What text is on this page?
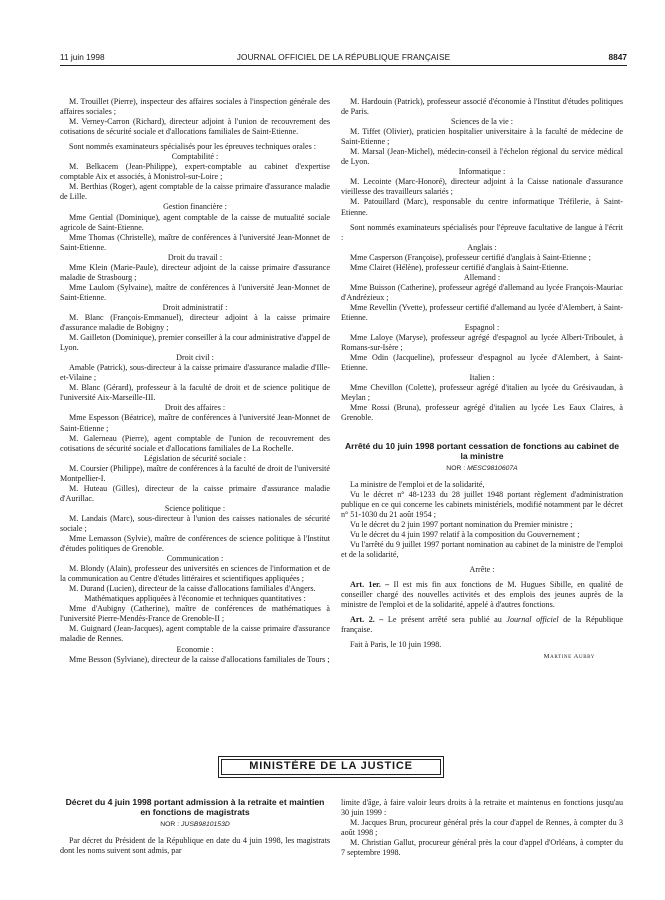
11 juin 1998	JOURNAL OFFICIEL DE LA RÉPUBLIQUE FRANÇAISE	8847

M. Trouillet (Pierre), inspecteur des affaires sociales à l'inspection générale des affaires sociales ;

M. Verney-Carron (Richard), directeur adjoint à l'union de recouvrement des cotisations de sécurité sociale et d'allocations familiales de Saint-Etienne.

Sont nommés examinateurs spécialisés pour les épreuves techniques orales :

Comptabilité :

M. Belkacem (Jean-Philippe), expert-comptable au cabinet d'expertise comptable Aix et associés, à Monistrol-sur-Loire ;

M. Berthias (Roger), agent comptable de la caisse primaire d'assurance maladie de Lille.

Gestion financière :

Mme Gential (Dominique), agent comptable de la caisse de mutualité sociale agricole de Saint-Etienne.

Mme Thomas (Christelle), maître de conférences à l'université Jean-Monnet de Saint-Etienne.

Droit du travail :

Mme Klein (Marie-Paule), directeur adjoint de la caisse primaire d'assurance maladie de Strasbourg ;

Mme Laulom (Sylvaine), maître de conférences à l'université Jean-Monnet de Saint-Etienne.

Droit administratif :

M. Blanc (François-Emmanuel), directeur adjoint à la caisse primaire d'assurance maladie de Bobigny ;

M. Gailleton (Dominique), premier conseiller à la cour administrative d'appel de Lyon.

Droit civil :

Amable (Patrick), sous-directeur à la caisse primaire d'assurance maladie d'Ille-et-Vilaine ;

M. Blanc (Gérard), professeur à la faculté de droit et de science politique de l'université Aix-Marseille-III.

Droit des affaires :

Mme Espesson (Béatrice), maître de conférences à l'université Jean-Monnet de Saint-Etienne ;

M. Galerneau (Pierre), agent comptable de l'union de recouvrement des cotisations de sécurité sociale et d'allocations familiales de La Rochelle.

Législation de sécurité sociale :

M. Coursier (Philippe), maître de conférences à la faculté de droit de l'université Montpellier-I.

M. Huteau (Gilles), directeur de la caisse primaire d'assurance maladie d'Aurillac.

Science politique :

M. Landais (Marc), sous-directeur à l'union des caisses nationales de sécurité sociale ;

Mme Lemasson (Sylvie), maître de conférences de science politique à l'Institut d'études politiques de Grenoble.

Communication :

M. Blondy (Alain), professeur des universités en sciences de l'information et de la communication au Centre d'études littéraires et scientifiques appliquées ;

M. Durand (Lucien), directeur de la caisse d'allocations familiales d'Angers.

Mathématiques appliquées à l'économie et techniques quantitatives :

Mme d'Aubigny (Catherine), maître de conférences de mathématiques à l'université Pierre-Mendès-France de Grenoble-II ;

M. Guignard (Jean-Jacques), agent comptable de la caisse primaire d'assurance maladie de Rennes.

Economie :

Mme Besson (Sylviane), directeur de la caisse d'allocations familiales de Tours ;

M. Hardouin (Patrick), professeur associé d'économie à l'Institut d'études politiques de Paris.

Sciences de la vie :

M. Tiffet (Olivier), praticien hospitalier universitaire à la faculté de médecine de Saint-Etienne ;

M. Marsal (Jean-Michel), médecin-conseil à l'échelon régional du service médical de Lyon.

Informatique :

M. Lecointe (Marc-Honoré), directeur adjoint à la Caisse nationale d'assurance vieillesse des travailleurs salariés ;

M. Patouillard (Marc), responsable du centre informatique Tréfilerie, à Saint-Etienne.

Sont nommés examinateurs spécialisés pour l'épreuve facultative de langue à l'écrit :

Anglais :

Mme Casperson (Françoise), professeur certifié d'anglais à Saint-Etienne ;

Mme Clairet (Hélène), professeur certifié d'anglais à Saint-Etienne.

Allemand :

Mme Buisson (Catherine), professeur agrégé d'allemand au lycée François-Mauriac d'Andrézieux ;

Mme Revellin (Yvette), professeur certifié d'allemand au lycée d'Alembert, à Saint-Etienne.

Espagnol :

Mme Laloye (Maryse), professeur agrégé d'espagnol au lycée Albert-Triboulet, à Romans-sur-Isère ;

Mme Odin (Jacqueline), professeur d'espagnol au lycée d'Alembert, à Saint-Etienne.

Italien :

Mme Chevillon (Colette), professeur agrégé d'italien au lycée du Grésivaudan, à Meylan ;

Mme Rossi (Bruna), professeur agrégé d'italien au lycée Les Eaux Claires, à Grenoble.

Arrêté du 10 juin 1998 portant cessation de fonctions au cabinet de la ministre

NOR : MESC9810607A

La ministre de l'emploi et de la solidarité,

Vu le décret n° 48-1233 du 28 juillet 1948 portant règlement d'administration publique en ce qui concerne les cabinets ministériels, modifié notamment par le décret n° 51-1030 du 21 août 1954 ;

Vu le décret du 2 juin 1997 portant nomination du Premier ministre ;

Vu le décret du 4 juin 1997 relatif à la composition du Gouvernement ;

Vu l'arrêté du 9 juillet 1997 portant nomination au cabinet de la ministre de l'emploi et de la solidarité,

Arrête :

Art. 1er. – Il est mis fin aux fonctions de M. Hugues Sibille, en qualité de conseiller chargé des nouvelles activités et des emplois des jeunes auprès de la ministre de l'emploi et de la solidarité, appelé à d'autres fonctions.

Art. 2. – Le présent arrêté sera publié au Journal officiel de la République française.

Fait à Paris, le 10 juin 1998.

Martine Aubry
MINISTÈRE DE LA JUSTICE

Décret du 4 juin 1998 portant admission à la retraite et maintien en fonctions de magistrats

NOR : JUSB9810153D

Par décret du Président de la République en date du 4 juin 1998, les magistrats dont les noms suivent sont admis, par

limite d'âge, à faire valoir leurs droits à la retraite et maintenus en fonctions jusqu'au 30 juin 1999 :

M. Jacques Brun, procureur général près la cour d'appel de Rennes, à compter du 3 août 1998 ;

M. Christian Gallut, procureur général près la cour d'appel d'Orléans, à compter du 7 septembre 1998.
